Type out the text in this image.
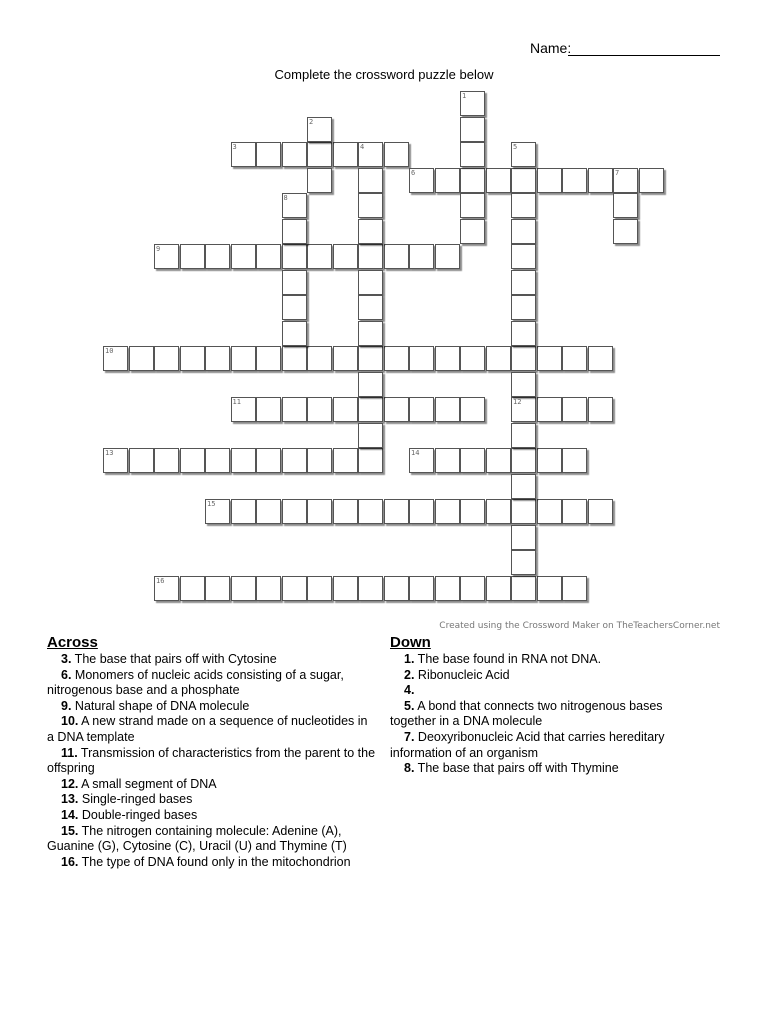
Name:
Complete the crossword puzzle below
1
2
3	4	5
6	7
8
9
10
11	12
13	14
15
16
Created using the Crossword Maker on TheTeachersCorner.net
Across
3. The base that pairs off with Cytosine
6. Monomers of nucleic acids consisting of a sugar, nitrogenous base and a phosphate
9. Natural shape of DNA molecule
10. A new strand made on a sequence of nucleotides in a DNA template
11. Transmission of characteristics from the parent to the offspring
12. A small segment of DNA
13. Single-ringed bases
14. Double-ringed bases
15. The nitrogen containing molecule: Adenine (A), Guanine (G), Cytosine (C), Uracil (U) and Thymine (T)
16. The type of DNA found only in the mitochondrion
Down
1. The base found in RNA not DNA.
2. Ribonucleic Acid
4.
5. A bond that connects two nitrogenous bases together in a DNA molecule
7. Deoxyribonucleic Acid that carries hereditary information of an organism
8. The base that pairs off with Thymine
